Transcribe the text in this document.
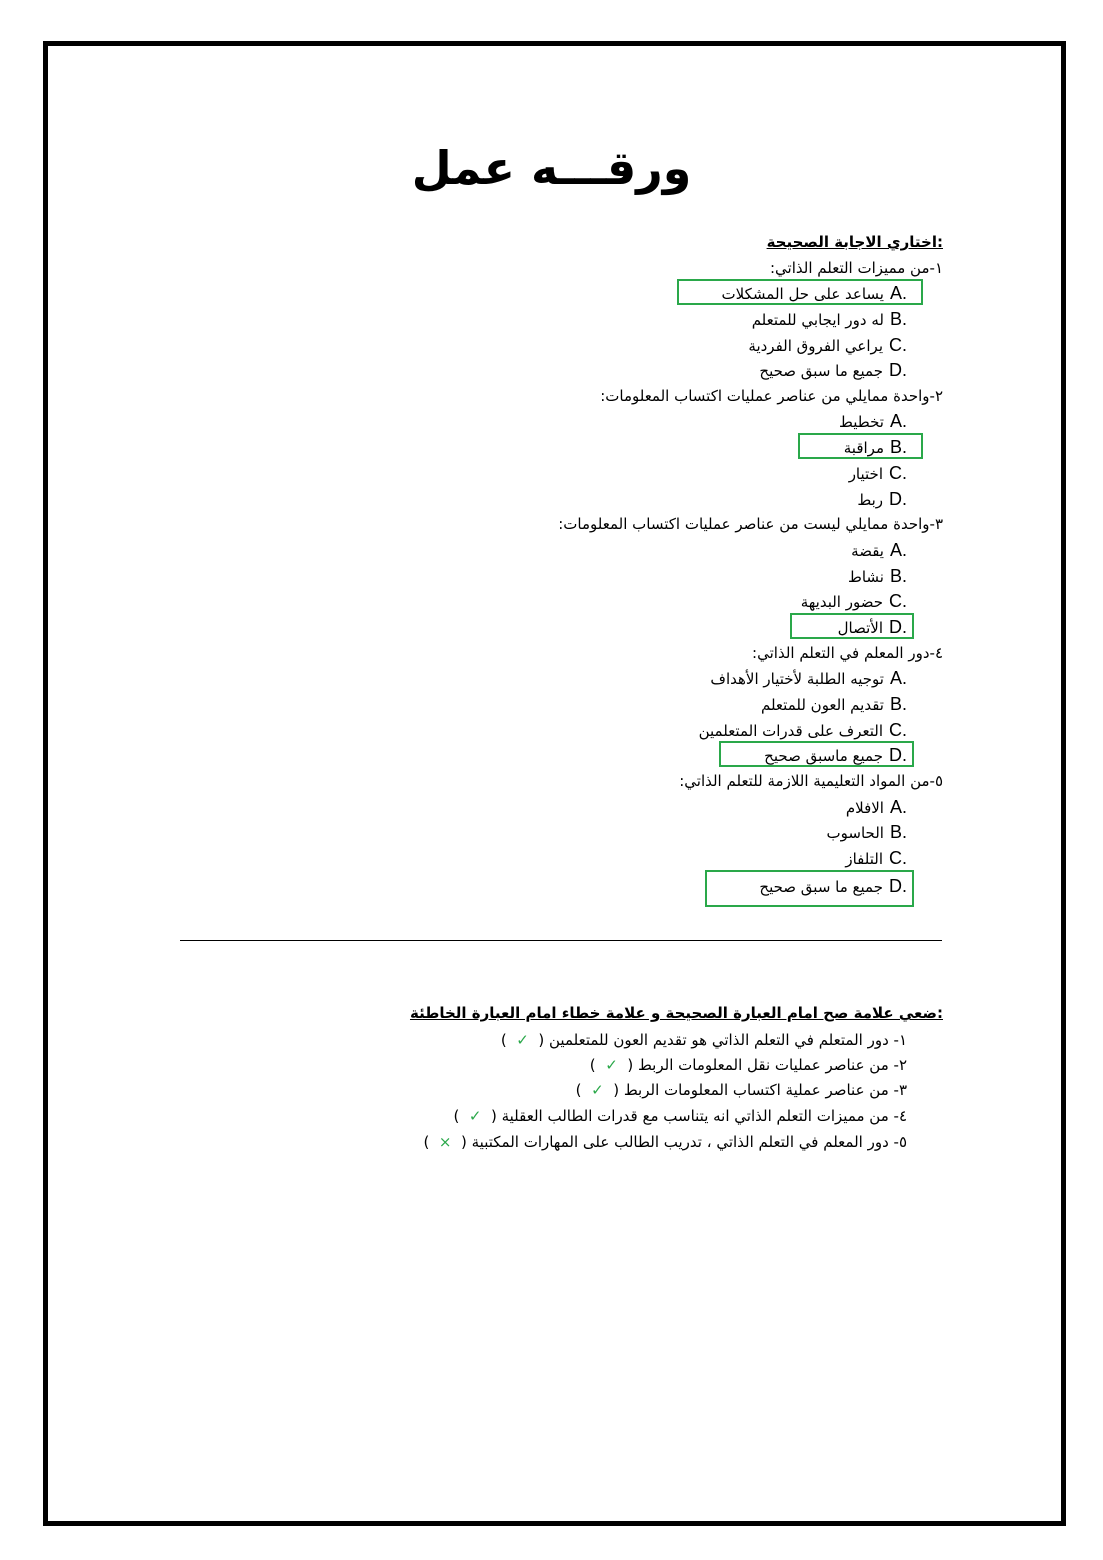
ورقـــه عمل
اختاري الاجابة الصحيحة:
١-من مميزات التعلم الذاتي:
يساعد على حل المشكلات A.
له دور ايجابي للمتعلم B.
يراعي الفروق الفردية C.
جميع ما سبق صحيح D.
٢-واحدة ممايلي من عناصر عمليات اكتساب المعلومات:
تخطيط A.
مراقبة B.
اختيار C.
ربط D.
٣-واحدة ممايلي ليست من عناصر عمليات اكتساب المعلومات:
يقضة A.
نشاط B.
حضور البديهة C.
الأتصال D.
٤-دور المعلم في التعلم الذاتي:
توجيه الطلبة لأختيار الأهداف A.
تقديم العون للمتعلم B.
التعرف على قدرات المتعلمين C.
جميع ماسبق صحيح D.
٥-من المواد التعليمية اللازمة للتعلم الذاتي:
الافلام A.
الحاسوب B.
التلفاز C.
جميع ما سبق صحيح D.
ضعي علامة صح امام العبارة الصحيحة و علامة خطاء امام العبارة الخاطئة:
١- دور المتعلم في التعلم الذاتي هو تقديم العون للمتعلمين (  ✓  )
٢- من عناصر عمليات نقل المعلومات الربط (  ✓  )
٣- من عناصر عملية اكتساب المعلومات الربط (  ✓  )
٤- من مميزات التعلم الذاتي انه يتناسب مع قدرات الطالب العقلية (  ✓  )
٥- دور المعلم في التعلم الذاتي ، تدريب الطالب على المهارات المكتبية (  ×  )
